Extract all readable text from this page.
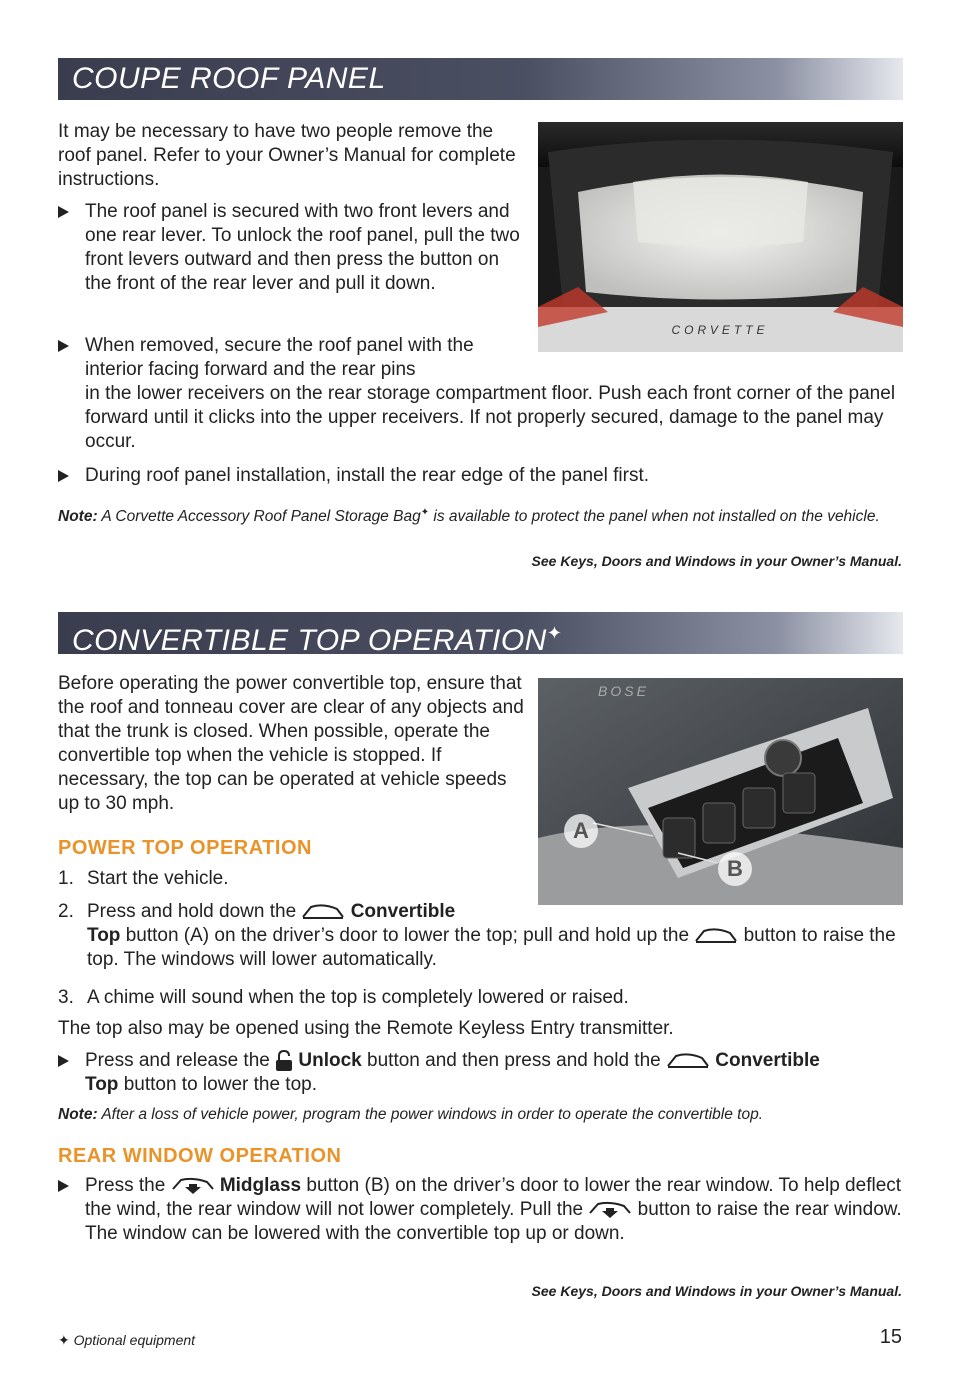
COUPE ROOF PANEL
It may be necessary to have two people remove the roof panel. Refer to your Owner’s Manual for complete instructions.
CORVETTE
The roof panel is secured with two front levers and one rear lever. To unlock the roof panel, pull the two front levers outward and then press the button on the front of the rear lever and pull it down.
When removed, secure the roof panel with the interior facing forward and the rear pins
in the lower receivers on the rear storage compartment floor. Push each front corner of the panel forward until it clicks into the upper receivers. If not properly secured, damage to the panel may occur.
During roof panel installation, install the rear edge of the panel first.
Note: A Corvette Accessory Roof Panel Storage Bag✦ is available to protect the panel when not installed on the vehicle.
See Keys, Doors and Windows in your Owner’s Manual.
CONVERTIBLE TOP OPERATION✦
Before operating the power convertible top, ensure that the roof and tonneau cover are clear of any objects and that the trunk is closed. When possible, operate the convertible top when the vehicle is stopped. If necessary, the top can be operated at vehicle speeds up to 30 mph.
BOSE
A
B
POWER TOP OPERATION
1. Start the vehicle.
2. Press and hold down the	Convertible
Top button (A) on the driver’s door to lower the top; pull and hold up the	button to raise the top. The windows will lower automatically.
3. A chime will sound when the top is completely lowered or raised.
The top also may be opened using the Remote Keyless Entry transmitter.
Press and release the Unlock button and then press and hold the	Convertible
Top button to lower the top.
Note: After a loss of vehicle power, program the power windows in order to operate the convertible top.
REAR WINDOW OPERATION
Press the	Midglass button (B) on the driver’s door to lower the rear window. To help deflect the wind, the rear window will not lower completely. Pull the	button to raise the rear window. The window can be lowered with the convertible top up or down.
See Keys, Doors and Windows in your Owner’s Manual.
✦ Optional equipment	15
